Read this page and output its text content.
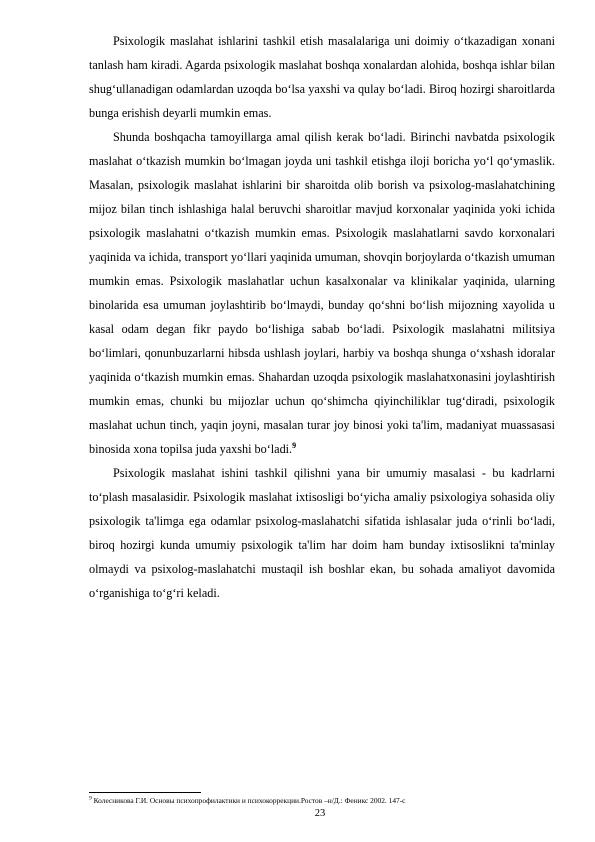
Psixologik maslahat ishlarini tashkil etish masalalariga uni doimiy o‘tkazadigan xonani tanlash ham kiradi. Agarda psixologik maslahat boshqa xonalardan alohida, boshqa ishlar bilan shug‘ullanadigan odamlardan uzoqda bo‘lsa yaxshi va qulay bo‘ladi. Biroq hozirgi sharoitlarda bunga erishish deyarli mumkin emas.

Shunda boshqacha tamoyillarga amal qilish kerak bo‘ladi. Birinchi navbatda psixologik maslahat o‘tkazish mumkin bo‘lmagan joyda uni tashkil etishga iloji boricha yo‘l qo‘ymaslik. Masalan, psixologik maslahat ishlarini bir sharoitda olib borish va psixolog-maslahatchining mijoz bilan tinch ishlashiga halal beruvchi sharoitlar mavjud korxonalar yaqinida yoki ichida psixologik maslahatni o‘tkazish mumkin emas. Psixologik maslahatlarni savdo korxonalari yaqinida va ichida, transport yo‘llari yaqinida umuman, shovqin borjoylarda o‘tkazish umuman mumkin emas. Psixologik maslahatlar uchun kasalxonalar va klinikalar yaqinida, ularning binolarida esa umuman joylashtirib bo‘lmaydi, bunday qo‘shni bo‘lish mijozning xayolida u kasal odam degan fikr paydo bo‘lishiga sabab bo‘ladi. Psixologik maslahatni militsiya bo‘limlari, qonunbuzarlarni hibsda ushlash joylari, harbiy va boshqa shunga o‘xshash idoralar yaqinida o‘tkazish mumkin emas. Shahardan uzoqda psixologik maslahatxonasini joylashtirish mumkin emas, chunki bu mijozlar uchun qo‘shimcha qiyinchiliklar tug‘diradi, psixologik maslahat uchun tinch, yaqin joyni, masalan turar joy binosi yoki ta'lim, madaniyat muassasasi binosida xona topilsa juda yaxshi bo‘ladi.$^9$

Psixologik maslahat ishini tashkil qilishni yana bir umumiy masalasi - bu kadrlarni to‘plash masalasidir. Psixologik maslahat ixtisosligi bo‘yicha amaliy psixologiya sohasida oliy psixologik ta'limga ega odamlar psixolog-maslahatchi sifatida ishlasalar juda o‘rinli bo‘ladi, biroq hozirgi kunda umumiy psixologik ta'lim har doim ham bunday ixtisoslikni ta'minlay olmaydi va psixolog-maslahatchi mustaqil ish boshlar ekan, bu sohada amaliyot davomida o‘rganishiga to‘g‘ri keladi.

$^9$ Колесникова Г.И. Основы психопрофилактики и психокоррекции.Ростов –н/Д.: Феникс 2002. 147-с
23
